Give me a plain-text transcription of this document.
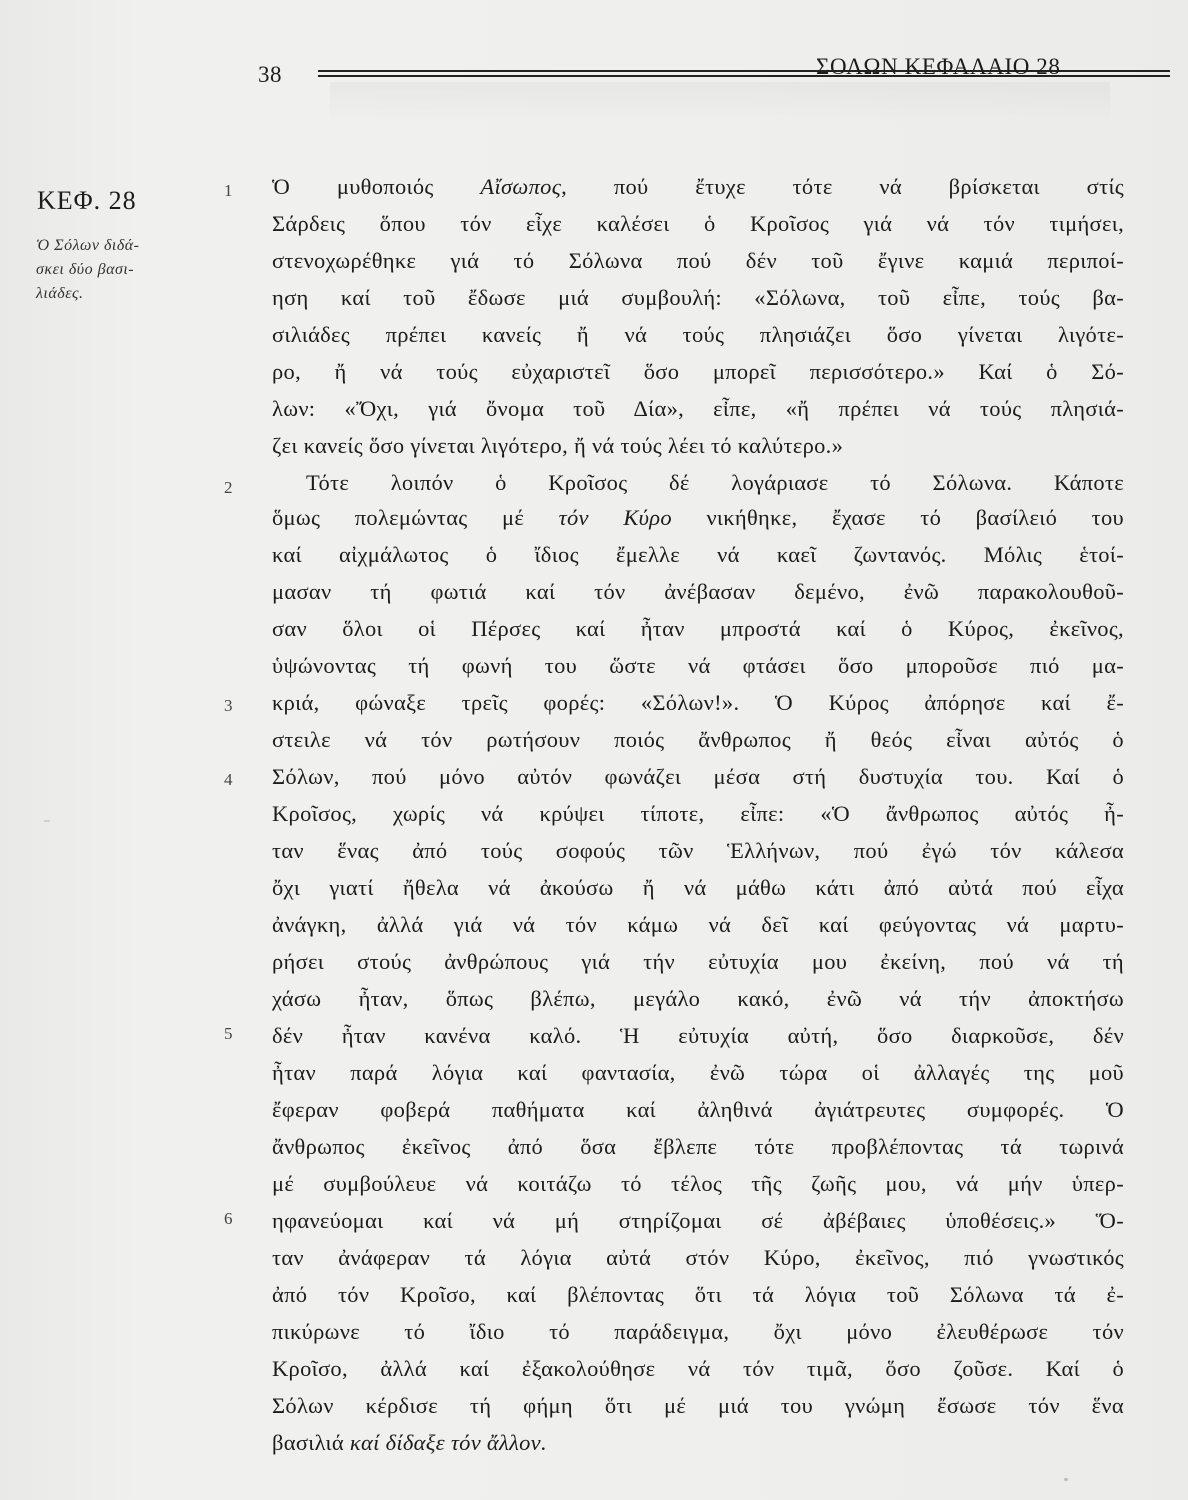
38	ΣΟΛΩΝ ΚΕΦΑΛΑΙΟ 28
ΚΕΦ. 28
Ὁ Σόλων διδά-
σκει δύο βασι-
λιάδες.
1
2
3
4
5
6
Ὁ μυθοποιός Αἴσωπος, πού ἔτυχε τότε νά βρίσκεται στίς
Σάρδεις ὅπου τόν εἶχε καλέσει ὁ Κροῖσος γιά νά τόν τιμήσει,
στενοχωρέθηκε γιά τό Σόλωνα πού δέν τοῦ ἔγινε καμιά περιποί-
ηση καί τοῦ ἔδωσε μιά συμβουλή: «Σόλωνα, τοῦ εἶπε, τούς βα-
σιλιάδες πρέπει κανείς ἤ νά τούς πλησιάζει ὅσο γίνεται λιγότε-
ρο, ἤ νά τούς εὐχαριστεῖ ὅσο μπορεῖ περισσότερο.» Καί ὁ Σό-
λων: «Ὄχι, γιά ὄνομα τοῦ Δία», εἶπε, «ἤ πρέπει νά τούς πλησιά-
ζει κανείς ὅσο γίνεται λιγότερο, ἤ νά τούς λέει τό καλύτερο.»
Τότε λοιπόν ὁ Κροῖσος δέ λογάριασε τό Σόλωνα. Κάποτε
ὅμως πολεμώντας μέ τόν Κύρο νικήθηκε, ἔχασε τό βασίλειό του
καί αἰχμάλωτος ὁ ἴδιος ἔμελλε νά καεῖ ζωντανός. Μόλις ἑτοί-
μασαν τή φωτιά καί τόν ἀνέβασαν δεμένο, ἐνῶ παρακολουθοῦ-
σαν ὅλοι οἱ Πέρσες καί ἦταν μπροστά καί ὁ Κύρος, ἐκεῖνος,
ὑψώνοντας τή φωνή του ὥστε νά φτάσει ὅσο μποροῦσε πιό μα-
κριά, φώναξε τρεῖς φορές: «Σόλων!». Ὁ Κύρος ἀπόρησε καί ἔ-
στειλε νά τόν ρωτήσουν ποιός ἄνθρωπος ἤ θεός εἶναι αὐτός ὁ
Σόλων, πού μόνο αὐτόν φωνάζει μέσα στή δυστυχία του. Καί ὁ
Κροῖσος, χωρίς νά κρύψει τίποτε, εἶπε: «Ὁ ἄνθρωπος αὐτός ἦ-
ταν ἕνας ἀπό τούς σοφούς τῶν Ἑλλήνων, πού ἐγώ τόν κάλεσα
ὄχι γιατί ἤθελα νά ἀκούσω ἤ νά μάθω κάτι ἀπό αὐτά πού εἶχα
ἀνάγκη, ἀλλά γιά νά τόν κάμω νά δεῖ καί φεύγοντας νά μαρτυ-
ρήσει στούς ἀνθρώπους γιά τήν εὐτυχία μου ἐκείνη, πού νά τή
χάσω ἦταν, ὅπως βλέπω, μεγάλο κακό, ἐνῶ νά τήν ἀποκτήσω
δέν ἦταν κανένα καλό. Ἡ εὐτυχία αὐτή, ὅσο διαρκοῦσε, δέν
ἦταν παρά λόγια καί φαντασία, ἐνῶ τώρα οἱ ἀλλαγές της μοῦ
ἔφεραν φοβερά παθήματα καί ἀληθινά ἀγιάτρευτες συμφορές. Ὁ
ἄνθρωπος ἐκεῖνος ἀπό ὅσα ἔβλεπε τότε προβλέποντας τά τωρινά
μέ συμβούλευε νά κοιτάζω τό τέλος τῆς ζωῆς μου, νά μήν ὑπερ-
ηφανεύομαι καί νά μή στηρίζομαι σέ ἀβέβαιες ὑποθέσεις.» Ὅ-
ταν ἀνάφεραν τά λόγια αὐτά στόν Κύρο, ἐκεῖνος, πιό γνωστικός
ἀπό τόν Κροῖσο, καί βλέποντας ὅτι τά λόγια τοῦ Σόλωνα τά ἐ-
πικύρωνε τό ἴδιο τό παράδειγμα, ὄχι μόνο ἐλευθέρωσε τόν
Κροῖσο, ἀλλά καί ἐξακολούθησε νά τόν τιμᾶ, ὅσο ζοῦσε. Καί ὁ
Σόλων κέρδισε τή φήμη ὅτι μέ μιά του γνώμη ἔσωσε τόν ἕνα
βασιλιά καί δίδαξε τόν ἄλλον.
